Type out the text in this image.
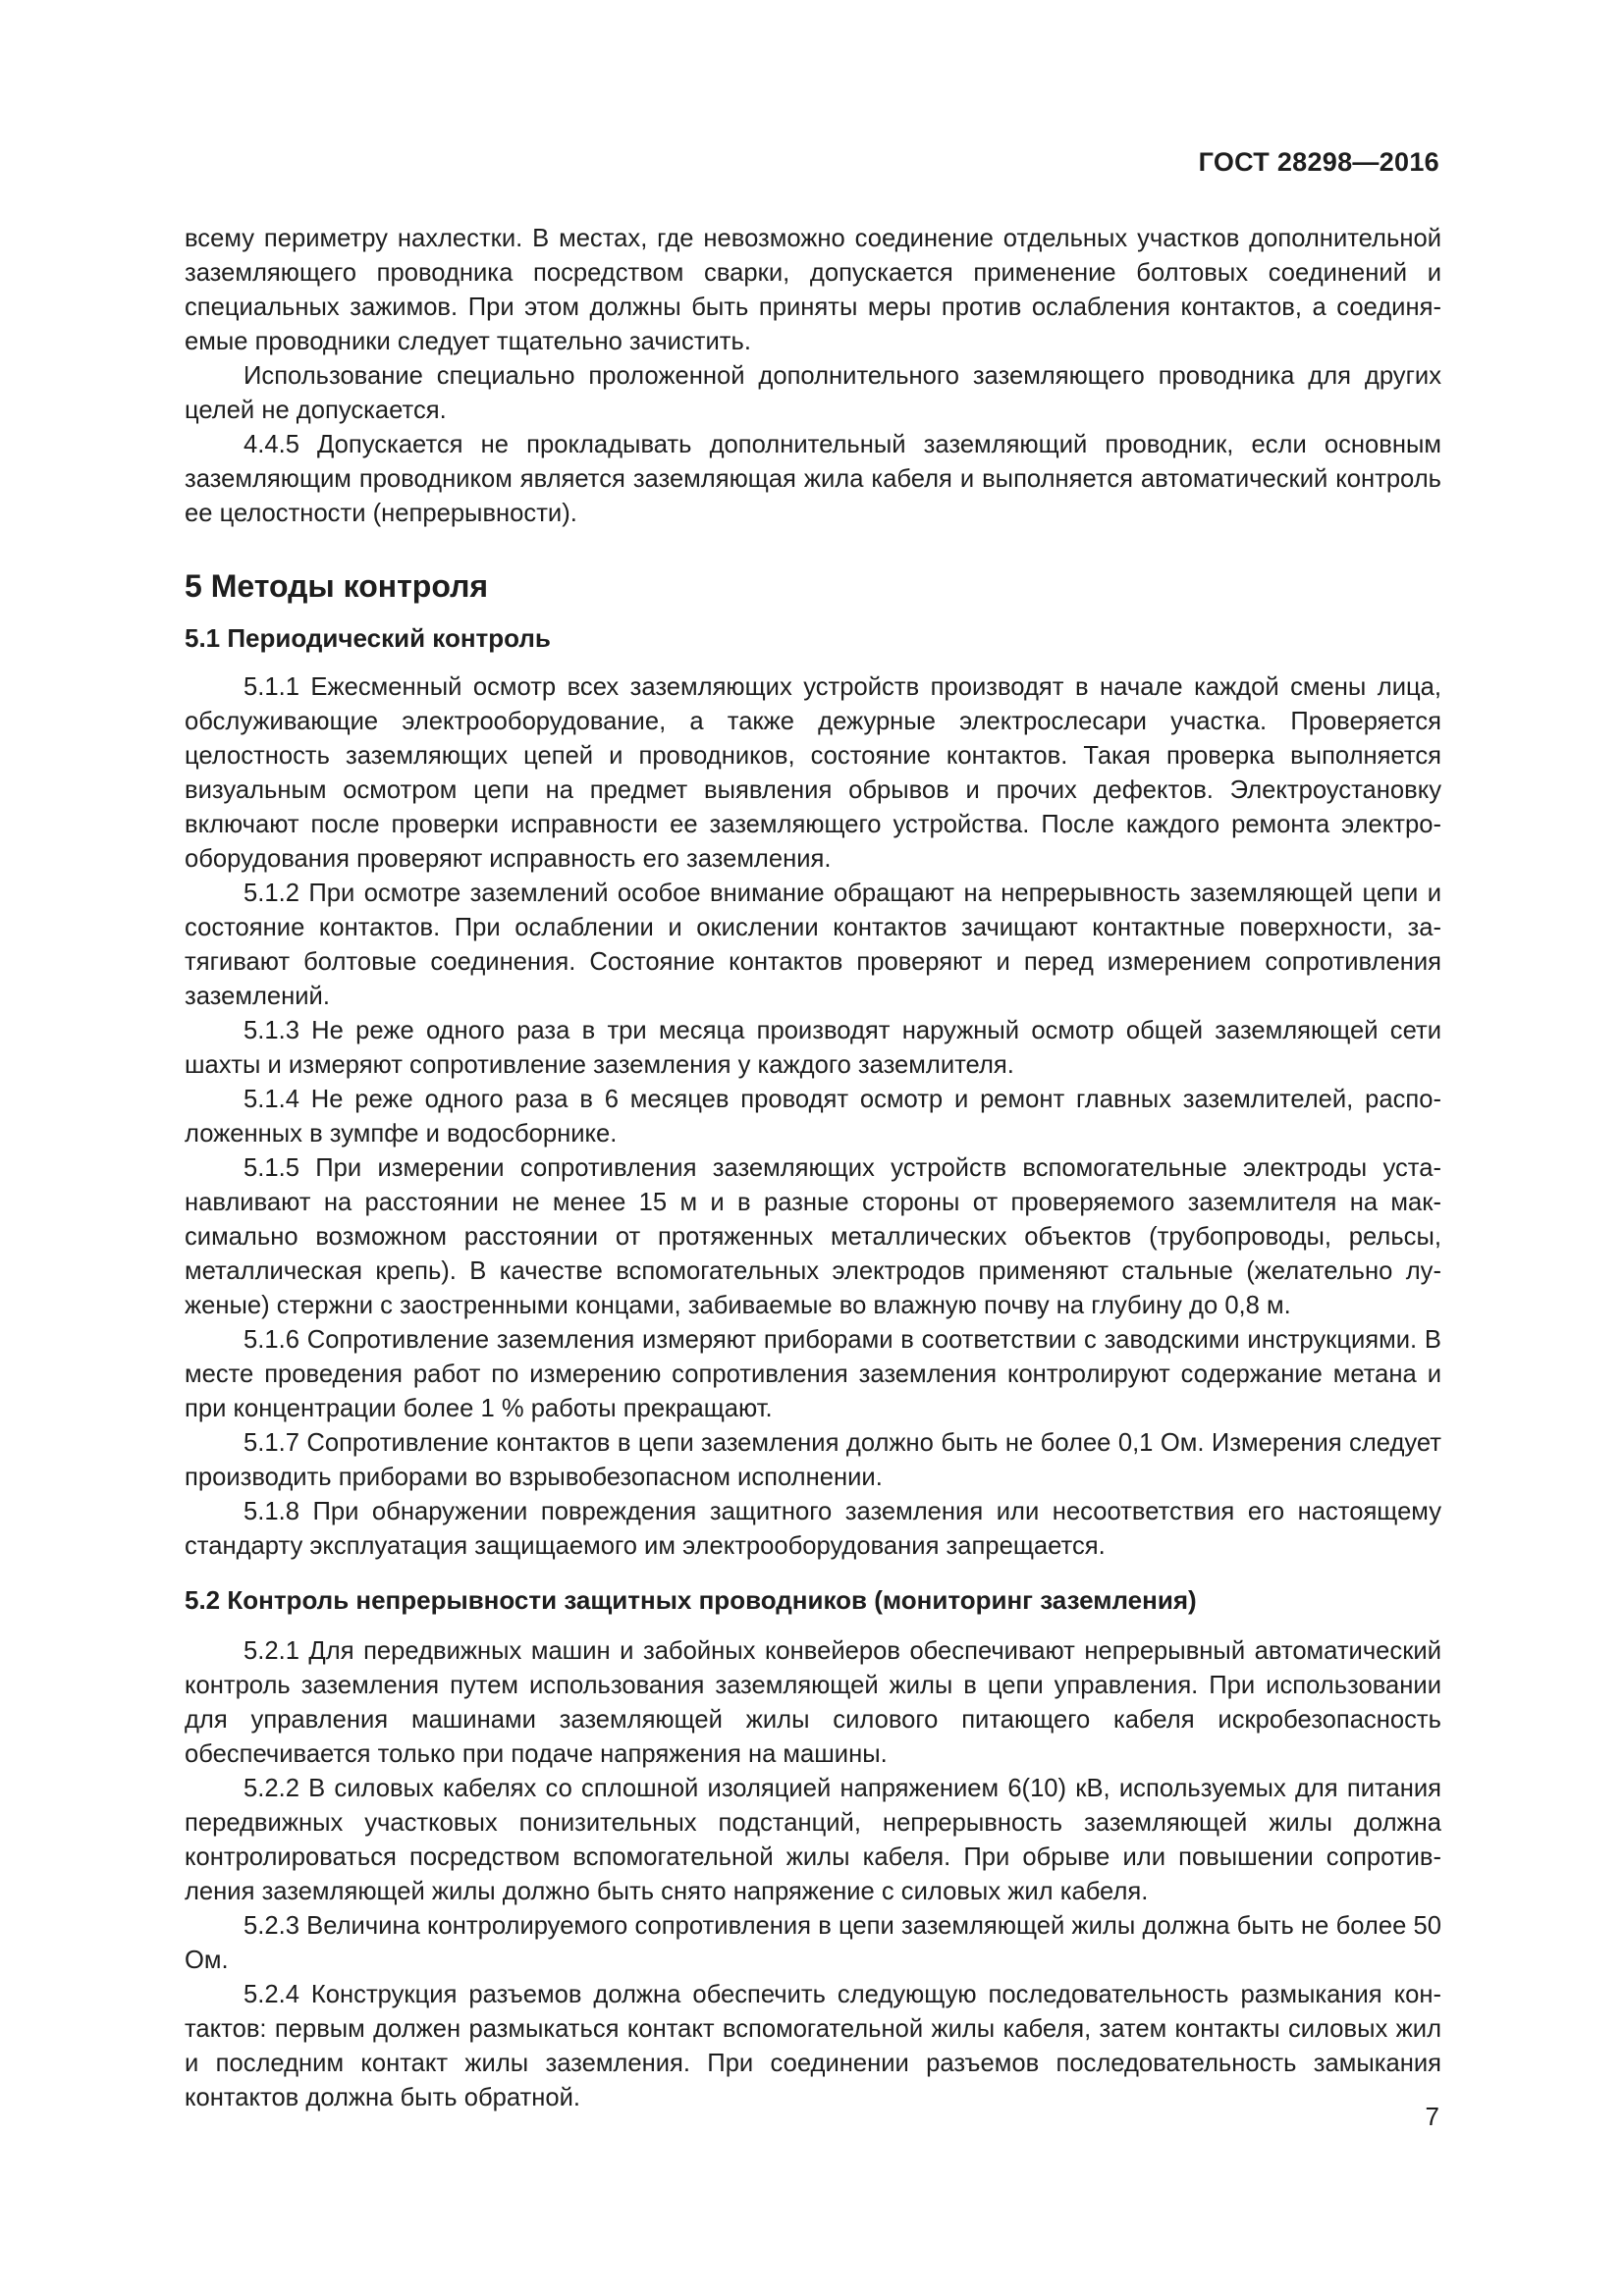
ГОСТ 28298—2016

всему периметру нахлестки. В местах, где невозможно соединение отдельных участков дополнительной заземляющего проводника посредством сварки, допускается применение болтовых соединений и специальных зажимов. При этом должны быть приняты меры против ослабления контактов, а соединяемые проводники следует тщательно зачистить.

Использование специально проложенной дополнительного заземляющего проводника для других целей не допускается.

4.4.5 Допускается не прокладывать дополнительный заземляющий проводник, если основным заземляющим проводником является заземляющая жила кабеля и выполняется автоматический контроль ее целостности (непрерывности).

5 Методы контроля
5.1 Периодический контроль

5.1.1 Ежесменный осмотр всех заземляющих устройств производят в начале каждой смены лица, обслуживающие электрооборудование, а также дежурные электрослесари участка. Проверяется целостность заземляющих цепей и проводников, состояние контактов. Такая проверка выполняется визуальным осмотром цепи на предмет выявления обрывов и прочих дефектов. Электроустановку включают после проверки исправности ее заземляющего устройства. После каждого ремонта электрооборудования проверяют исправность его заземления.

5.1.2 При осмотре заземлений особое внимание обращают на непрерывность заземляющей цепи и состояние контактов. При ослаблении и окислении контактов зачищают контактные поверхности, затягивают болтовые соединения. Состояние контактов проверяют и перед измерением сопротивления заземлений.

5.1.3 Не реже одного раза в три месяца производят наружный осмотр общей заземляющей сети шахты и измеряют сопротивление заземления у каждого заземлителя.

5.1.4 Не реже одного раза в 6 месяцев проводят осмотр и ремонт главных заземлителей, расположенных в зумпфе и водосборнике.

5.1.5 При измерении сопротивления заземляющих устройств вспомогательные электроды устанавливают на расстоянии не менее 15 м и в разные стороны от проверяемого заземлителя на максимально возможном расстоянии от протяженных металлических объектов (трубопроводы, рельсы, металлическая крепь). В качестве вспомогательных электродов применяют стальные (желательно луженые) стержни с заостренными концами, забиваемые во влажную почву на глубину до 0,8 м.

5.1.6 Сопротивление заземления измеряют приборами в соответствии с заводскими инструкциями. В месте проведения работ по измерению сопротивления заземления контролируют содержание метана и при концентрации более 1 % работы прекращают.

5.1.7 Сопротивление контактов в цепи заземления должно быть не более 0,1 Ом. Измерения следует производить приборами во взрывобезопасном исполнении.

5.1.8 При обнаружении повреждения защитного заземления или несоответствия его настоящему стандарту эксплуатация защищаемого им электрооборудования запрещается.

5.2 Контроль непрерывности защитных проводников (мониторинг заземления)

5.2.1 Для передвижных машин и забойных конвейеров обеспечивают непрерывный автоматический контроль заземления путем использования заземляющей жилы в цепи управления. При использовании для управления машинами заземляющей жилы силового питающего кабеля искробезопасность обеспечивается только при подаче напряжения на машины.

5.2.2 В силовых кабелях со сплошной изоляцией напряжением 6(10) кВ, используемых для питания передвижных участковых понизительных подстанций, непрерывность заземляющей жилы должна контролироваться посредством вспомогательной жилы кабеля. При обрыве или повышении сопротивления заземляющей жилы должно быть снято напряжение с силовых жил кабеля.

5.2.3 Величина контролируемого сопротивления в цепи заземляющей жилы должна быть не более 50 Ом.

5.2.4 Конструкция разъемов должна обеспечить следующую последовательность размыкания контактов: первым должен размыкаться контакт вспомогательной жилы кабеля, затем контакты силовых жил и последним контакт жилы заземления. При соединении разъемов последовательность замыкания контактов должна быть обратной.

7
